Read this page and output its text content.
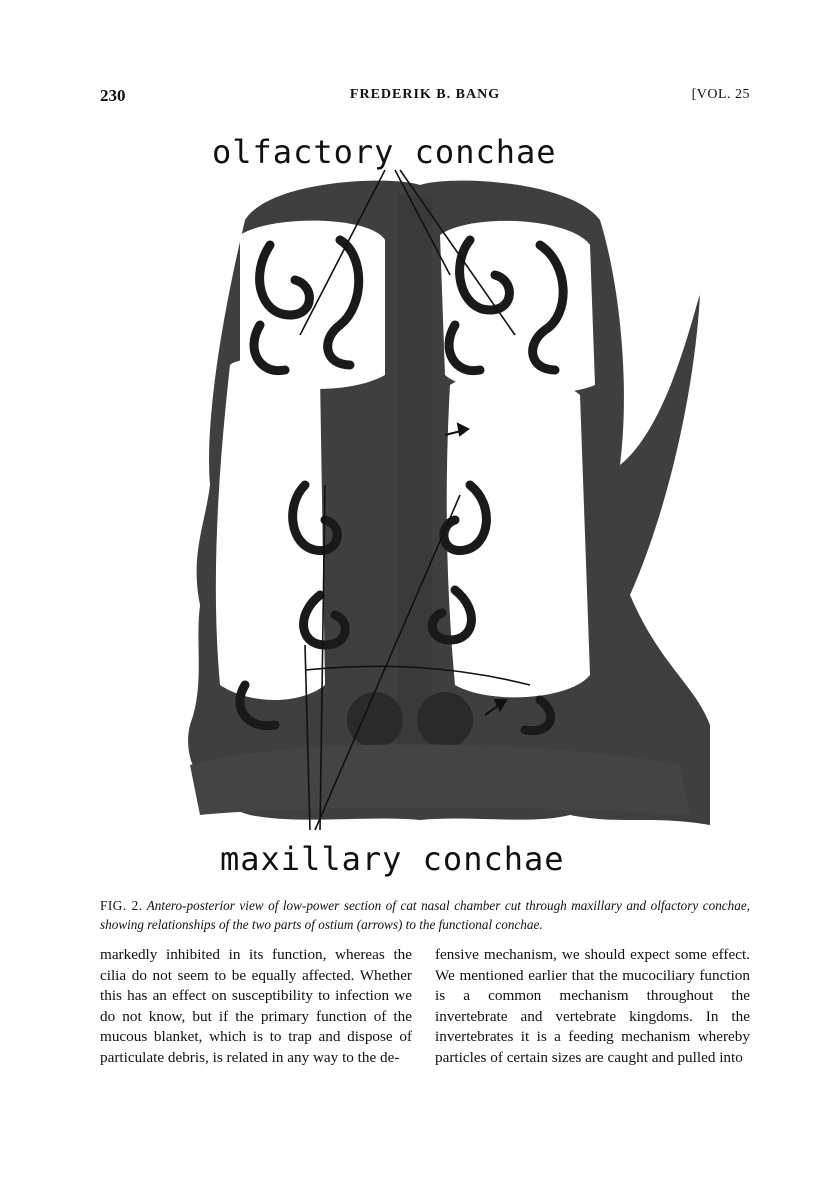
230	FREDERIK B. BANG	[VOL. 25
olfactory conchae
maxillary conchae
FIG. 2. Antero-posterior view of low-power section of cat nasal chamber cut through maxillary and olfactory conchae, showing relationships of the two parts of ostium (arrows) to the functional conchae.
markedly inhibited in its function, whereas the cilia do not seem to be equally affected. Whether this has an effect on susceptibility to infection we do not know, but if the primary function of the mucous blanket, which is to trap and dispose of particulate debris, is related in any way to the de-
fensive mechanism, we should expect some effect. We mentioned earlier that the mucociliary function is a common mechanism throughout the invertebrate and vertebrate kingdoms. In the invertebrates it is a feeding mechanism whereby particles of certain sizes are caught and pulled into
